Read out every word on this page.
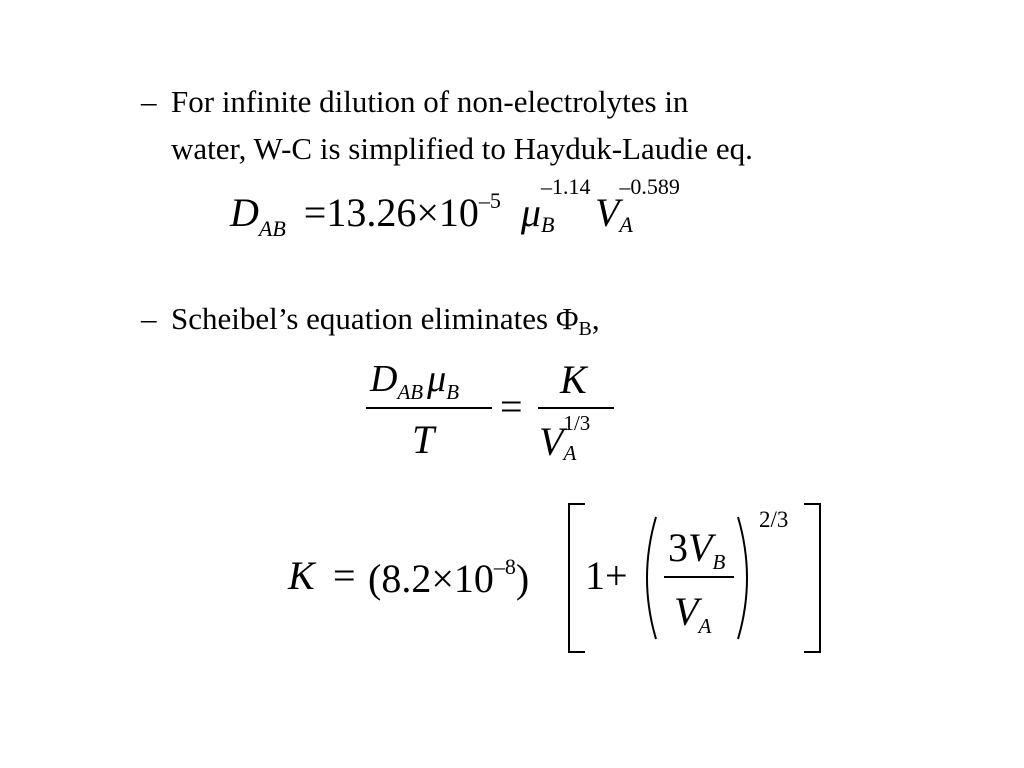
– For infinite dilution of non-electrolytes in
water, W-C is simplified to Hayduk-Laudie eq.
$D_{AB} =13.26\times 10^{-5}$ μ
–1.14
B V
–0.589
A
– Scheibel’s equation eliminates $\Phi_B$,
$D_{AB}$ $\mu_B$
T
=
K
V 1/3
A
$K = (8.2\times 10^{-8})$ 1+
$3V_B$
$V_A$
2/3
